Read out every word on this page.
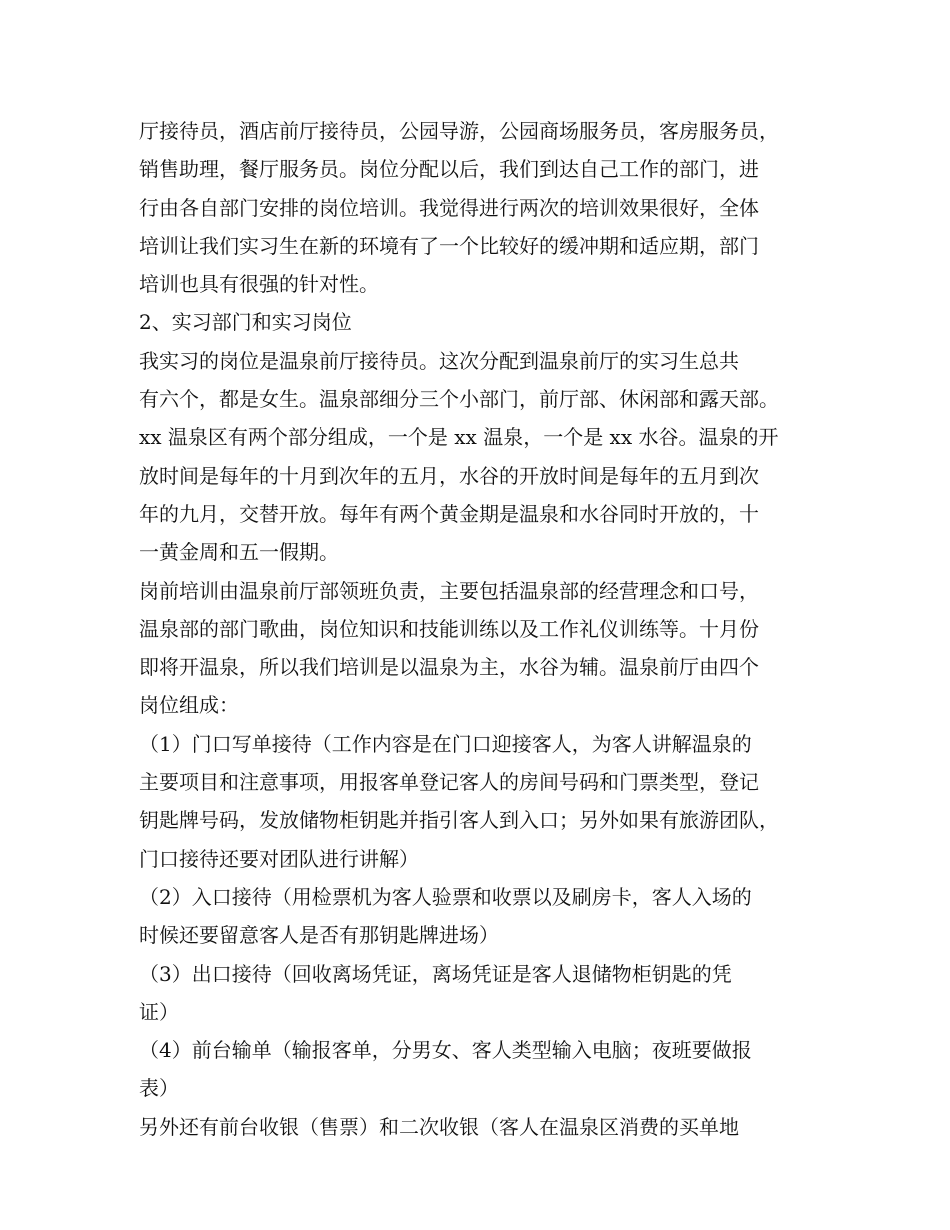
厅接待员，酒店前厅接待员，公园导游，公园商场服务员，客房服务员，
销售助理，餐厅服务员。岗位分配以后，我们到达自己工作的部门，进
行由各自部门安排的岗位培训。我觉得进行两次的培训效果很好，全体
培训让我们实习生在新的环境有了一个比较好的缓冲期和适应期，部门
培训也具有很强的针对性。
2、实习部门和实习岗位
我实习的岗位是温泉前厅接待员。这次分配到温泉前厅的实习生总共
有六个，都是女生。温泉部细分三个小部门，前厅部、休闲部和露天部。
xx 温泉区有两个部分组成，一个是 xx 温泉，一个是 xx 水谷。温泉的开
放时间是每年的十月到次年的五月，水谷的开放时间是每年的五月到次
年的九月，交替开放。每年有两个黄金期是温泉和水谷同时开放的，十
一黄金周和五一假期。
岗前培训由温泉前厅部领班负责，主要包括温泉部的经营理念和口号，
温泉部的部门歌曲，岗位知识和技能训练以及工作礼仪训练等。十月份
即将开温泉，所以我们培训是以温泉为主，水谷为辅。温泉前厅由四个
岗位组成：
（1）门口写单接待（工作内容是在门口迎接客人，为客人讲解温泉的
主要项目和注意事项，用报客单登记客人的房间号码和门票类型，登记
钥匙牌号码，发放储物柜钥匙并指引客人到入口；另外如果有旅游团队，
门口接待还要对团队进行讲解）
（2）入口接待（用检票机为客人验票和收票以及刷房卡，客人入场的
时候还要留意客人是否有那钥匙牌进场）
（3）出口接待（回收离场凭证，离场凭证是客人退储物柜钥匙的凭
证）
（4）前台输单（输报客单，分男女、客人类型输入电脑；夜班要做报
表）
另外还有前台收银（售票）和二次收银（客人在温泉区消费的买单地
